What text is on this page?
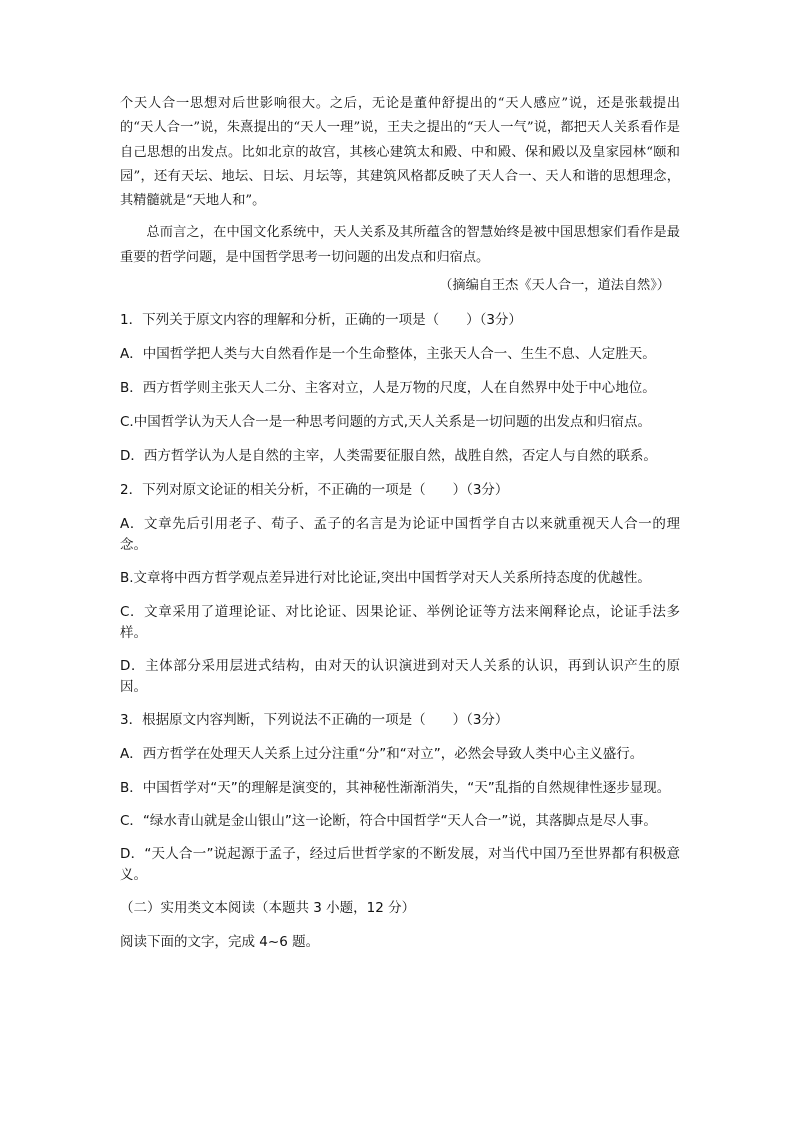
个天人合一思想对后世影响很大。之后，无论是董仲舒提出的“天人感应”说，还是张载提出的“天人合一”说，朱熹提出的“天人一理”说，王夫之提出的“天人一气”说，都把天人关系看作是自己思想的出发点。比如北京的故宫，其核心建筑太和殿、中和殿、保和殿以及皇家园林“颐和园”，还有天坛、地坛、日坛、月坛等，其建筑风格都反映了天人合一、天人和谐的思想理念，其精髓就是“天地人和”。

总而言之，在中国文化系统中，天人关系及其所蕴含的智慧始终是被中国思想家们看作是最重要的哲学问题，是中国哲学思考一切问题的出发点和归宿点。

（摘编自王杰《天人合一，道法自然》）
1．下列关于原文内容的理解和分析，正确的一项是（　　）（3分）
A．中国哲学把人类与大自然看作是一个生命整体，主张天人合一、生生不息、人定胜天。
B．西方哲学则主张天人二分、主客对立，人是万物的尺度，人在自然界中处于中心地位。
C.中国哲学认为天人合一是一种思考问题的方式,天人关系是一切问题的出发点和归宿点。
D．西方哲学认为人是自然的主宰，人类需要征服自然，战胜自然，否定人与自然的联系。
2．下列对原文论证的相关分析，不正确的一项是（　　）（3分）
A．文章先后引用老子、荀子、孟子的名言是为论证中国哲学自古以来就重视天人合一的理念。
B.文章将中西方哲学观点差异进行对比论证,突出中国哲学对天人关系所持态度的优越性。
C．文章采用了道理论证、对比论证、因果论证、举例论证等方法来阐释论点，论证手法多样。
D．主体部分采用层进式结构，由对天的认识演进到对天人关系的认识，再到认识产生的原因。
3．根据原文内容判断，下列说法不正确的一项是（　　）（3分）
A．西方哲学在处理天人关系上过分注重“分”和“对立”，必然会导致人类中心主义盛行。
B．中国哲学对“天”的理解是演变的，其神秘性渐渐消失，“天”乱指的自然规律性逐步显现。
C．“绿水青山就是金山银山”这一论断，符合中国哲学“天人合一”说，其落脚点是尽人事。
D．“天人合一”说起源于孟子，经过后世哲学家的不断发展，对当代中国乃至世界都有积极意义。
（二）实用类文本阅读（本题共 3 小题，12 分）
阅读下面的文字，完成 4~6 题。
